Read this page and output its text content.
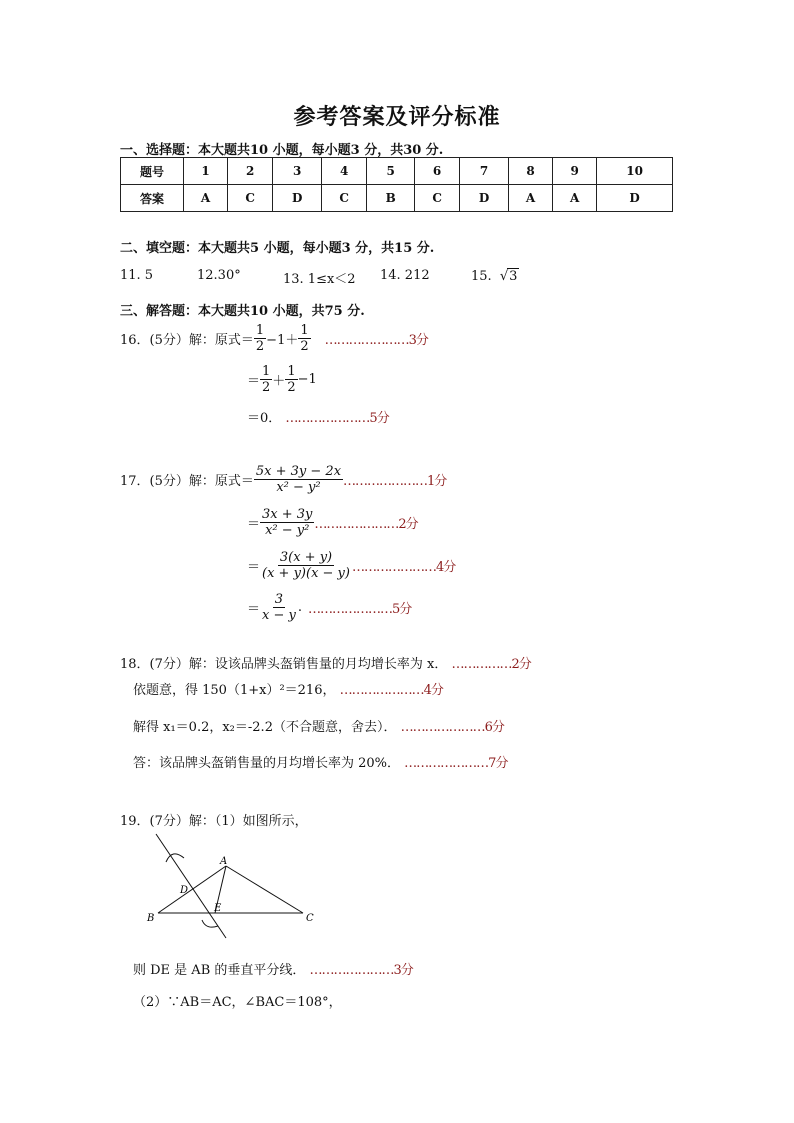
参考答案及评分标准
一、选择题：本大题共10 小题，每小题3 分，共30 分.
题号	1	2	3	4	5	6	7	8	9	10
答案	A	C	D	C	B	C	D	A	A	D
二、填空题：本大题共5 小题，每小题3 分，共15 分.
11. 5	12.30°	13. 1≤x＜2 14. 212	15. √3
三、解答题：本大题共10 小题，共75 分.
16．(5分）解：原式＝ $\frac{1}{2} -1+ \frac{1}{2}$ …………………3分
＝ $\frac{1}{2} + \frac{1}{2} -1$
＝0． …………………5分
17．(5分）解：原式＝ $\frac{5x + 3y - 2x}{\text{x² − y²}}$ …………………1分
＝ $\frac{3x + 3y}{\text{x² − y²}}$ …………………2分
＝ $\frac{3(x + y)}{(x + y)(x - y)}$ …………………4分
＝ $\frac{3}{x - y}$ . …………………5分
18．(7分）解：设该品牌头盔销售量的月均增长率为 x． ……………2分
依题意，得 150（1+x）²＝216， …………………4分
解得 x₁＝0.2，x₂＝-2.2（不合题意，舍去）． …………………6分
答：该品牌头盔销售量的月均增长率为 20%． …………………7分
19．(7分）解：（1）如图所示，
A
B	C
D
E
则 DE 是 AB 的垂直平分线． …………………3分
（2）∵AB＝AC，∠BAC＝108°，
